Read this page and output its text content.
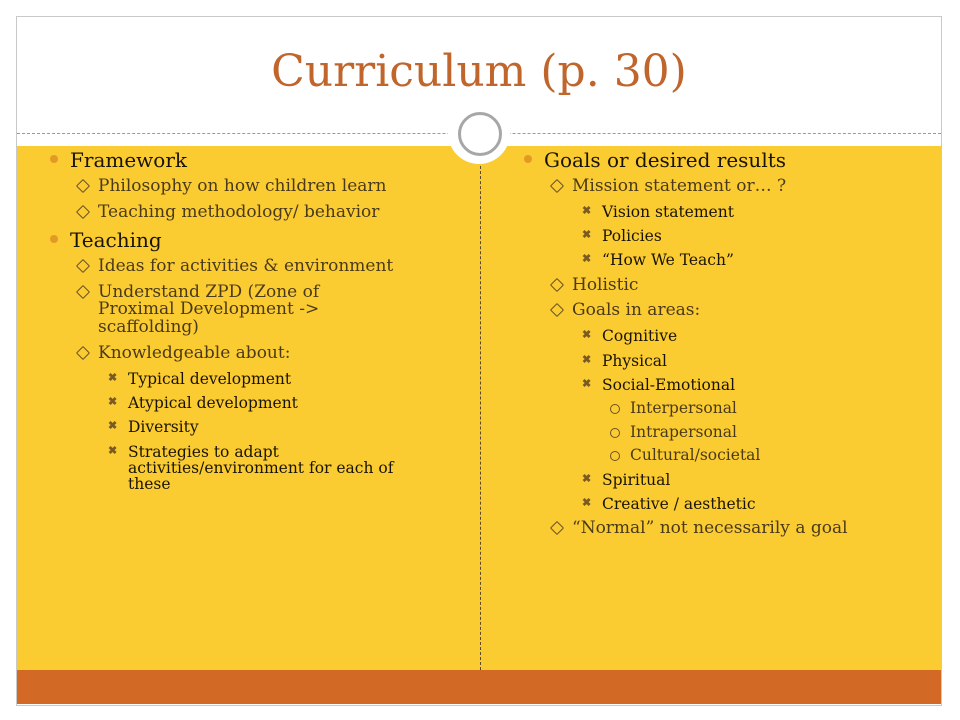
Curriculum (p. 30)
Framework
Philosophy on how children learn
Teaching methodology/ behavior
Teaching
Ideas for activities & environment
Understand ZPD (Zone of Proximal Development -> scaffolding)
Knowledgeable about:
✖ Typical development
✖ Atypical development
✖ Diversity
✖ Strategies to adapt activities/environment for each of these
Goals or desired results
Mission statement or… ?
✖ Vision statement
✖ Policies
✖ “How We Teach”
Holistic
Goals in areas:
✖ Cognitive
✖ Physical
✖ Social-Emotional
Interpersonal
Intrapersonal
Cultural/societal
✖ Spiritual
✖ Creative / aesthetic
“Normal” not necessarily a goal
